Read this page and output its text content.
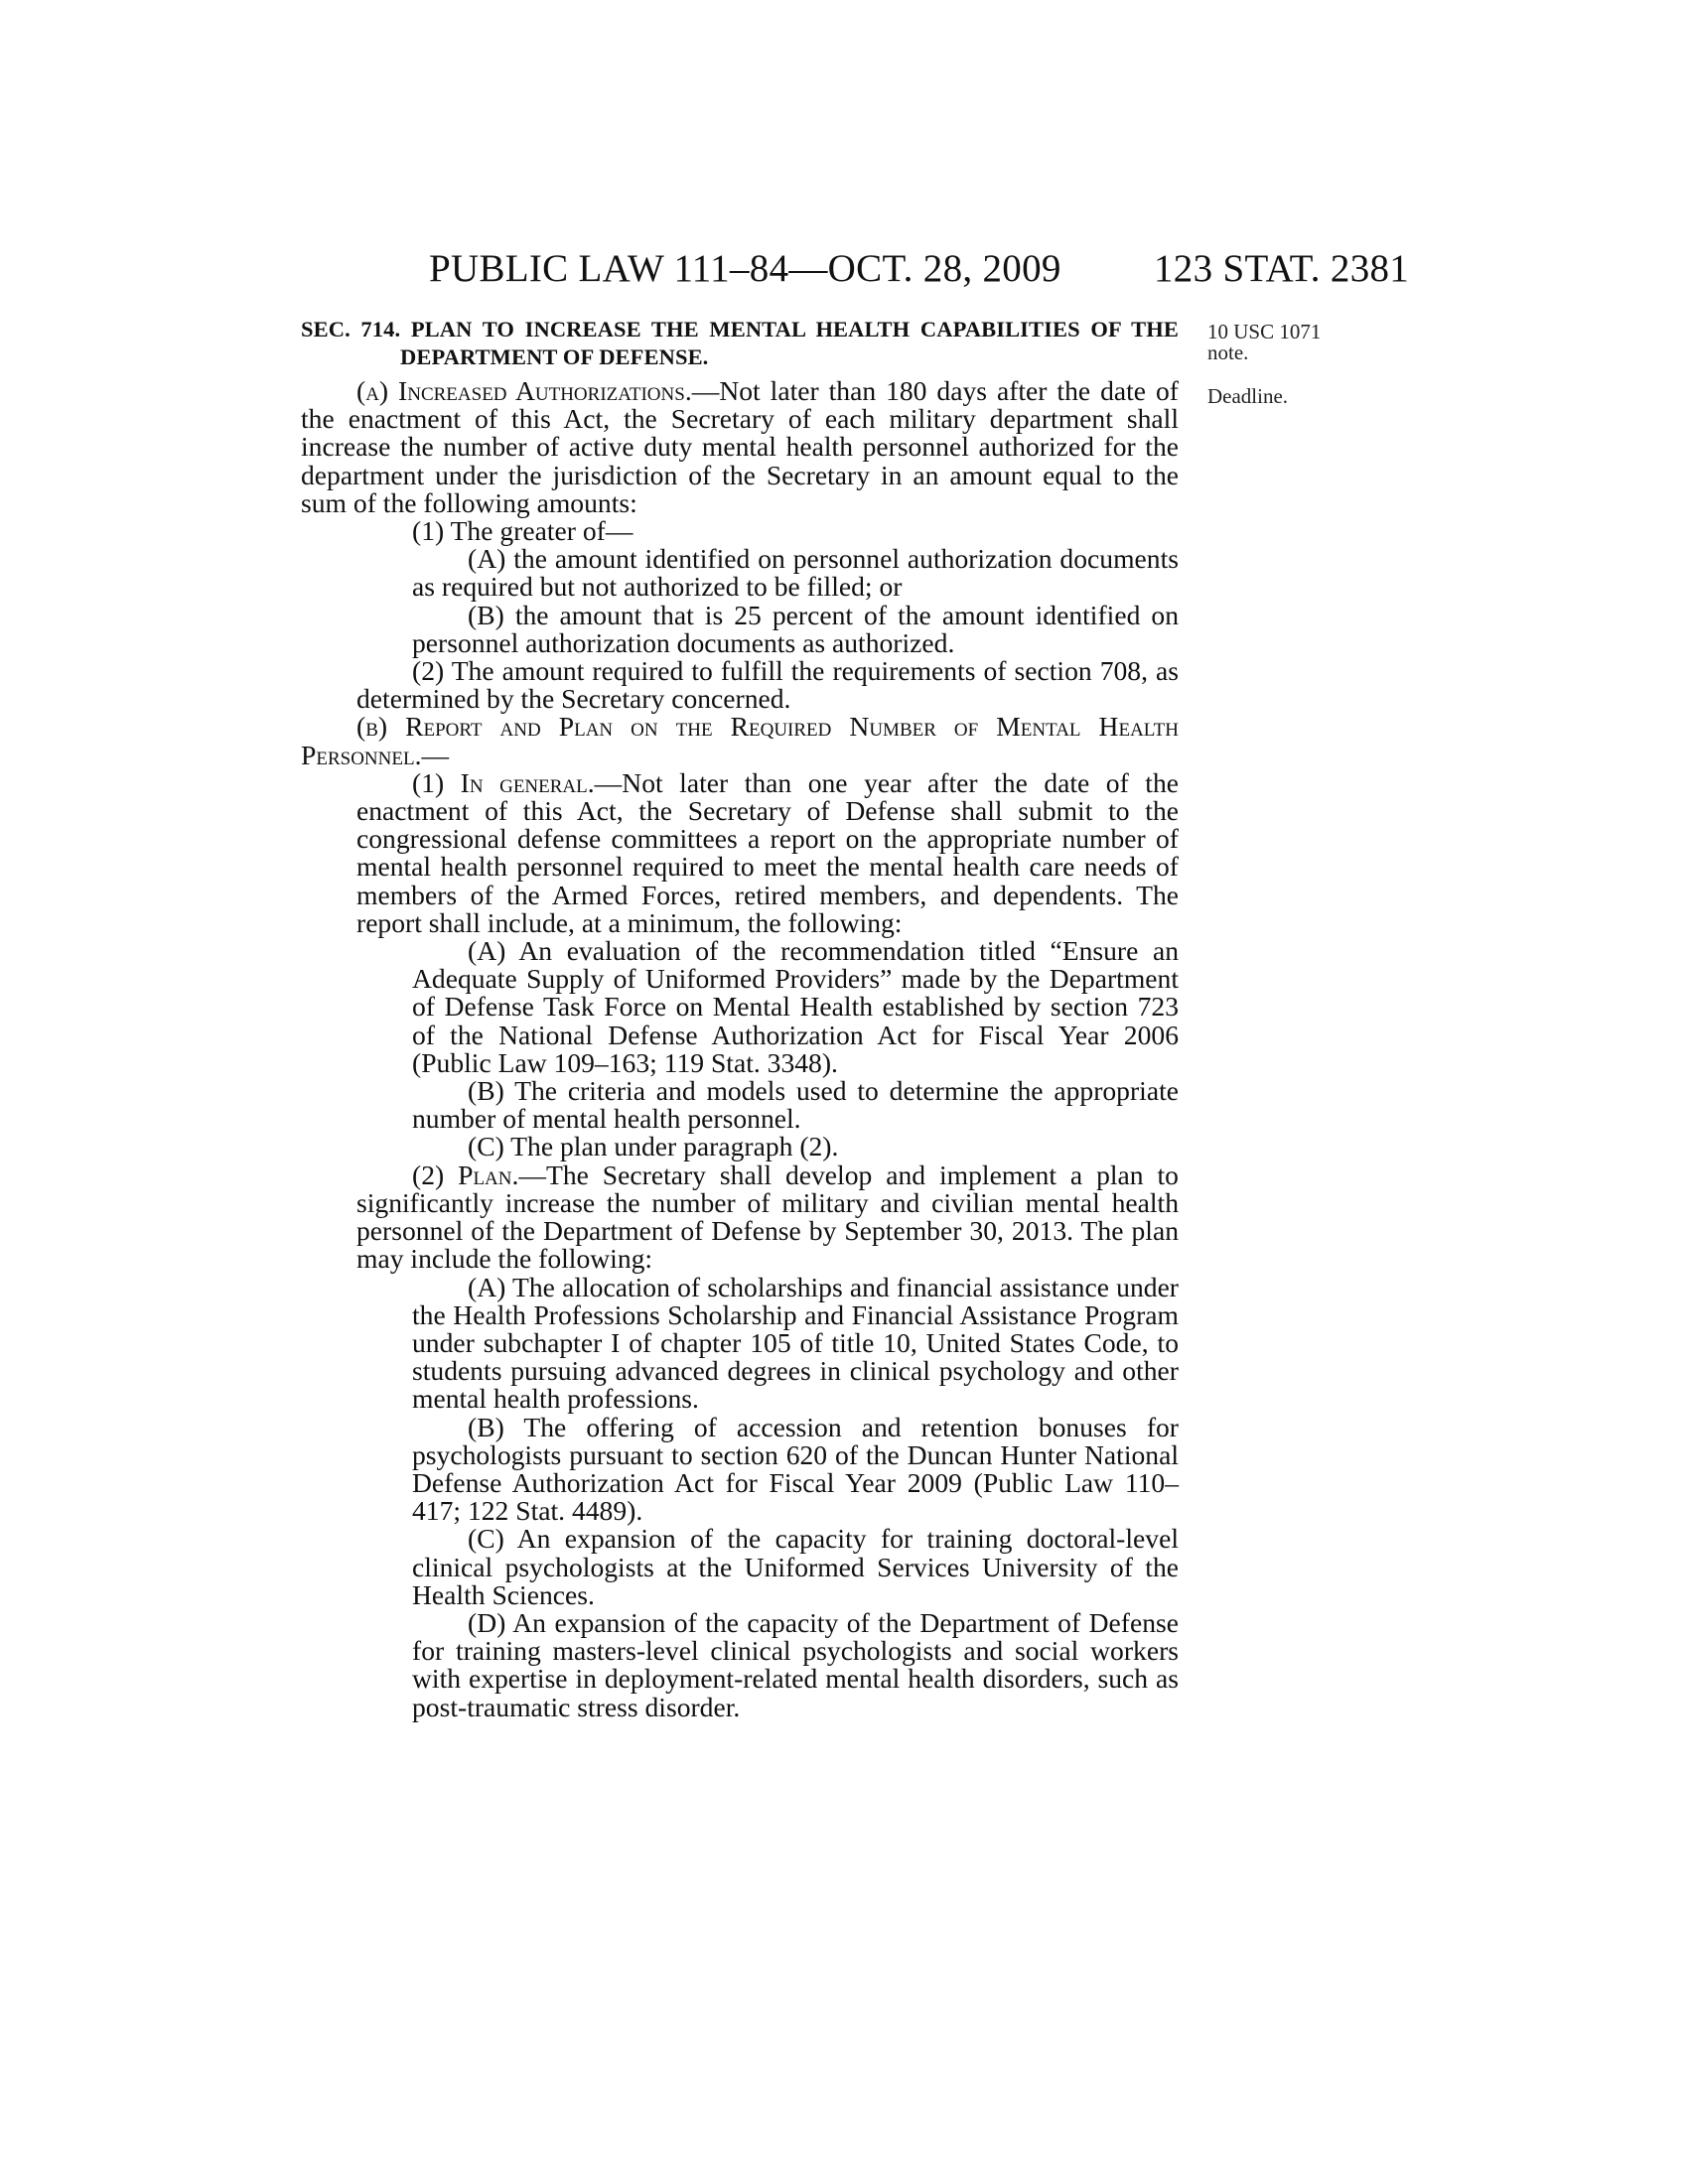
PUBLIC LAW 111–84—OCT. 28, 2009 123 STAT. 2381
10 USC 1071
note.
Deadline.

SEC. 714. PLAN TO INCREASE THE MENTAL HEALTH CAPABILITIES OF THE DEPARTMENT OF DEFENSE.

(a) Increased Authorizations.—Not later than 180 days after the date of the enactment of this Act, the Secretary of each military department shall increase the number of active duty mental health personnel authorized for the department under the jurisdiction of the Secretary in an amount equal to the sum of the following amounts:

(1) The greater of—

(A) the amount identified on personnel authorization documents as required but not authorized to be filled; or

(B) the amount that is 25 percent of the amount identified on personnel authorization documents as authorized.

(2) The amount required to fulfill the requirements of section 708, as determined by the Secretary concerned.

(b) Report and Plan on the Required Number of Mental Health Personnel.—

(1) In general.—Not later than one year after the date of the enactment of this Act, the Secretary of Defense shall submit to the congressional defense committees a report on the appropriate number of mental health personnel required to meet the mental health care needs of members of the Armed Forces, retired members, and dependents. The report shall include, at a minimum, the following:

(A) An evaluation of the recommendation titled “Ensure an Adequate Supply of Uniformed Providers” made by the Department of Defense Task Force on Mental Health established by section 723 of the National Defense Authorization Act for Fiscal Year 2006 (Public Law 109–163; 119 Stat. 3348).

(B) The criteria and models used to determine the appropriate number of mental health personnel.

(C) The plan under paragraph (2).

(2) Plan.—The Secretary shall develop and implement a plan to significantly increase the number of military and civilian mental health personnel of the Department of Defense by September 30, 2013. The plan may include the following:

(A) The allocation of scholarships and financial assistance under the Health Professions Scholarship and Financial Assistance Program under subchapter I of chapter 105 of title 10, United States Code, to students pursuing advanced degrees in clinical psychology and other mental health professions.

(B) The offering of accession and retention bonuses for psychologists pursuant to section 620 of the Duncan Hunter National Defense Authorization Act for Fiscal Year 2009 (Public Law 110–417; 122 Stat. 4489).

(C) An expansion of the capacity for training doctoral-level clinical psychologists at the Uniformed Services University of the Health Sciences.

(D) An expansion of the capacity of the Department of Defense for training masters-level clinical psychologists and social workers with expertise in deployment-related mental health disorders, such as post-traumatic stress disorder.
